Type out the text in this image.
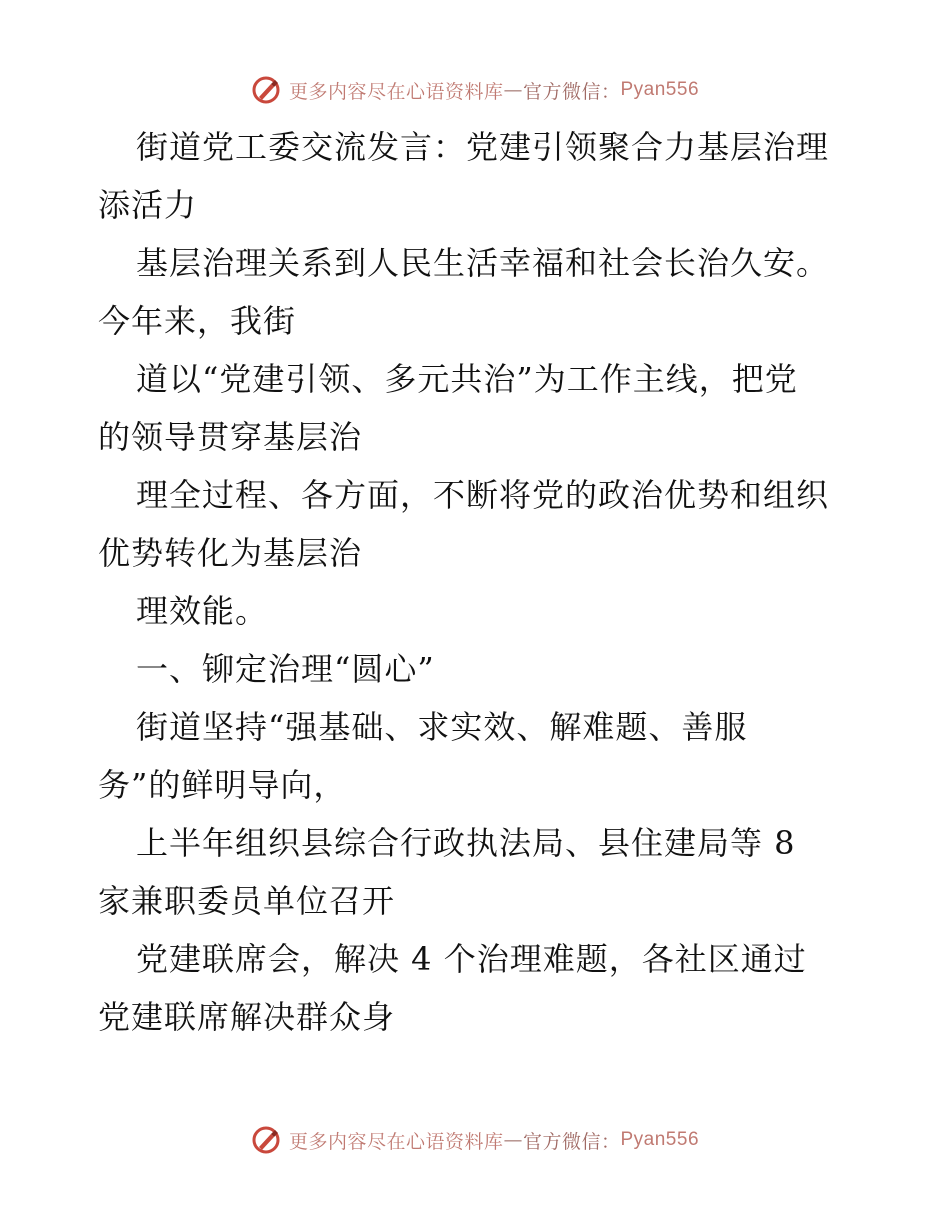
更多内容尽在心语资料库 — 官方微信： Pyan556
街道党工委交流发言：党建引领聚合力基层治理
添活力
基层治理关系到人民生活幸福和社会长治久安。
今年来，我街
道以“党建引领、多元共治”为工作主线，把党
的领导贯穿基层治
理全过程、各方面，不断将党的政治优势和组织
优势转化为基层治
理效能。
一、铆定治理“圆心”
街道坚持“强基础、求实效、解难题、善服
务”的鲜明导向，
上半年组织县综合行政执法局、县住建局等 8
家兼职委员单位召开
党建联席会，解决 4 个治理难题，各社区通过
党建联席解决群众身
更多内容尽在心语资料库 — 官方微信： Pyan556
